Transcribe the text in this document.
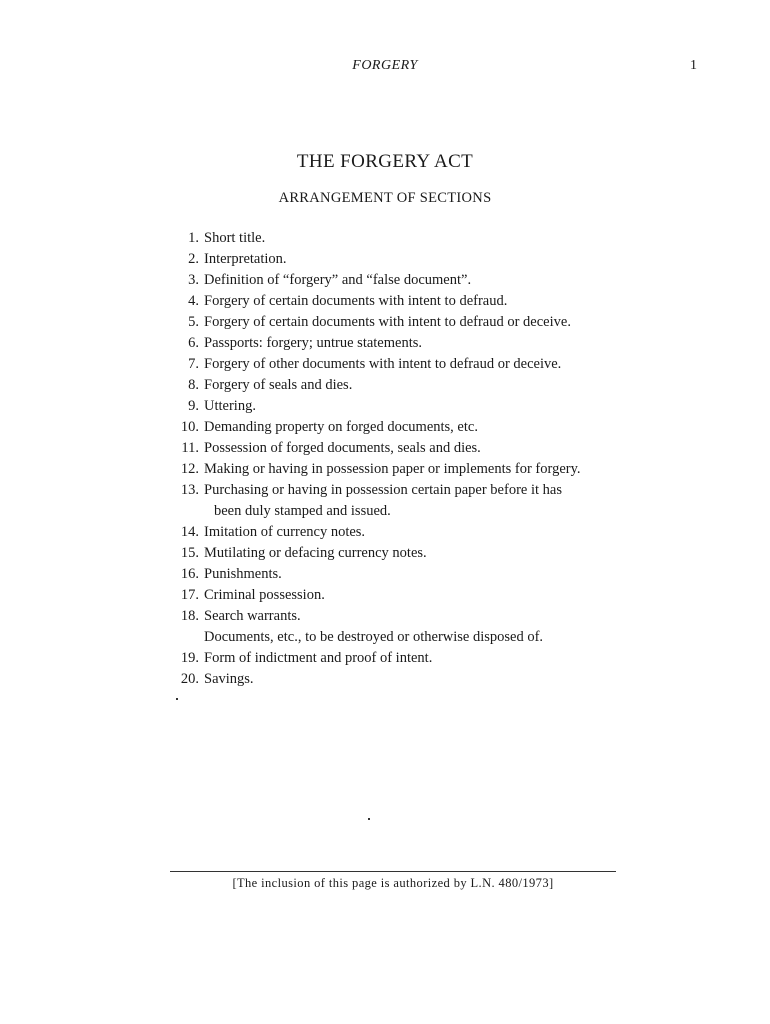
FORGERY	1
THE FORGERY ACT
ARRANGEMENT OF SECTIONS
1. Short title.
2. Interpretation.
3. Definition of “forgery” and “false document”.
4. Forgery of certain documents with intent to defraud.
5. Forgery of certain documents with intent to defraud or deceive.
6. Passports: forgery; untrue statements.
7. Forgery of other documents with intent to defraud or deceive.
8. Forgery of seals and dies.
9. Uttering.
10. Demanding property on forged documents, etc.
11. Possession of forged documents, seals and dies.
12. Making or having in possession paper or implements for forgery.
13. Purchasing or having in possession certain paper before it has
been duly stamped and issued.
14. Imitation of currency notes.
15. Mutilating or defacing currency notes.
16. Punishments.
17. Criminal possession.
18. Search warrants.
Documents, etc., to be destroyed or otherwise disposed of.
19. Form of indictment and proof of intent.
20. Savings.
[The inclusion of this page is authorized by L.N. 480/1973]
